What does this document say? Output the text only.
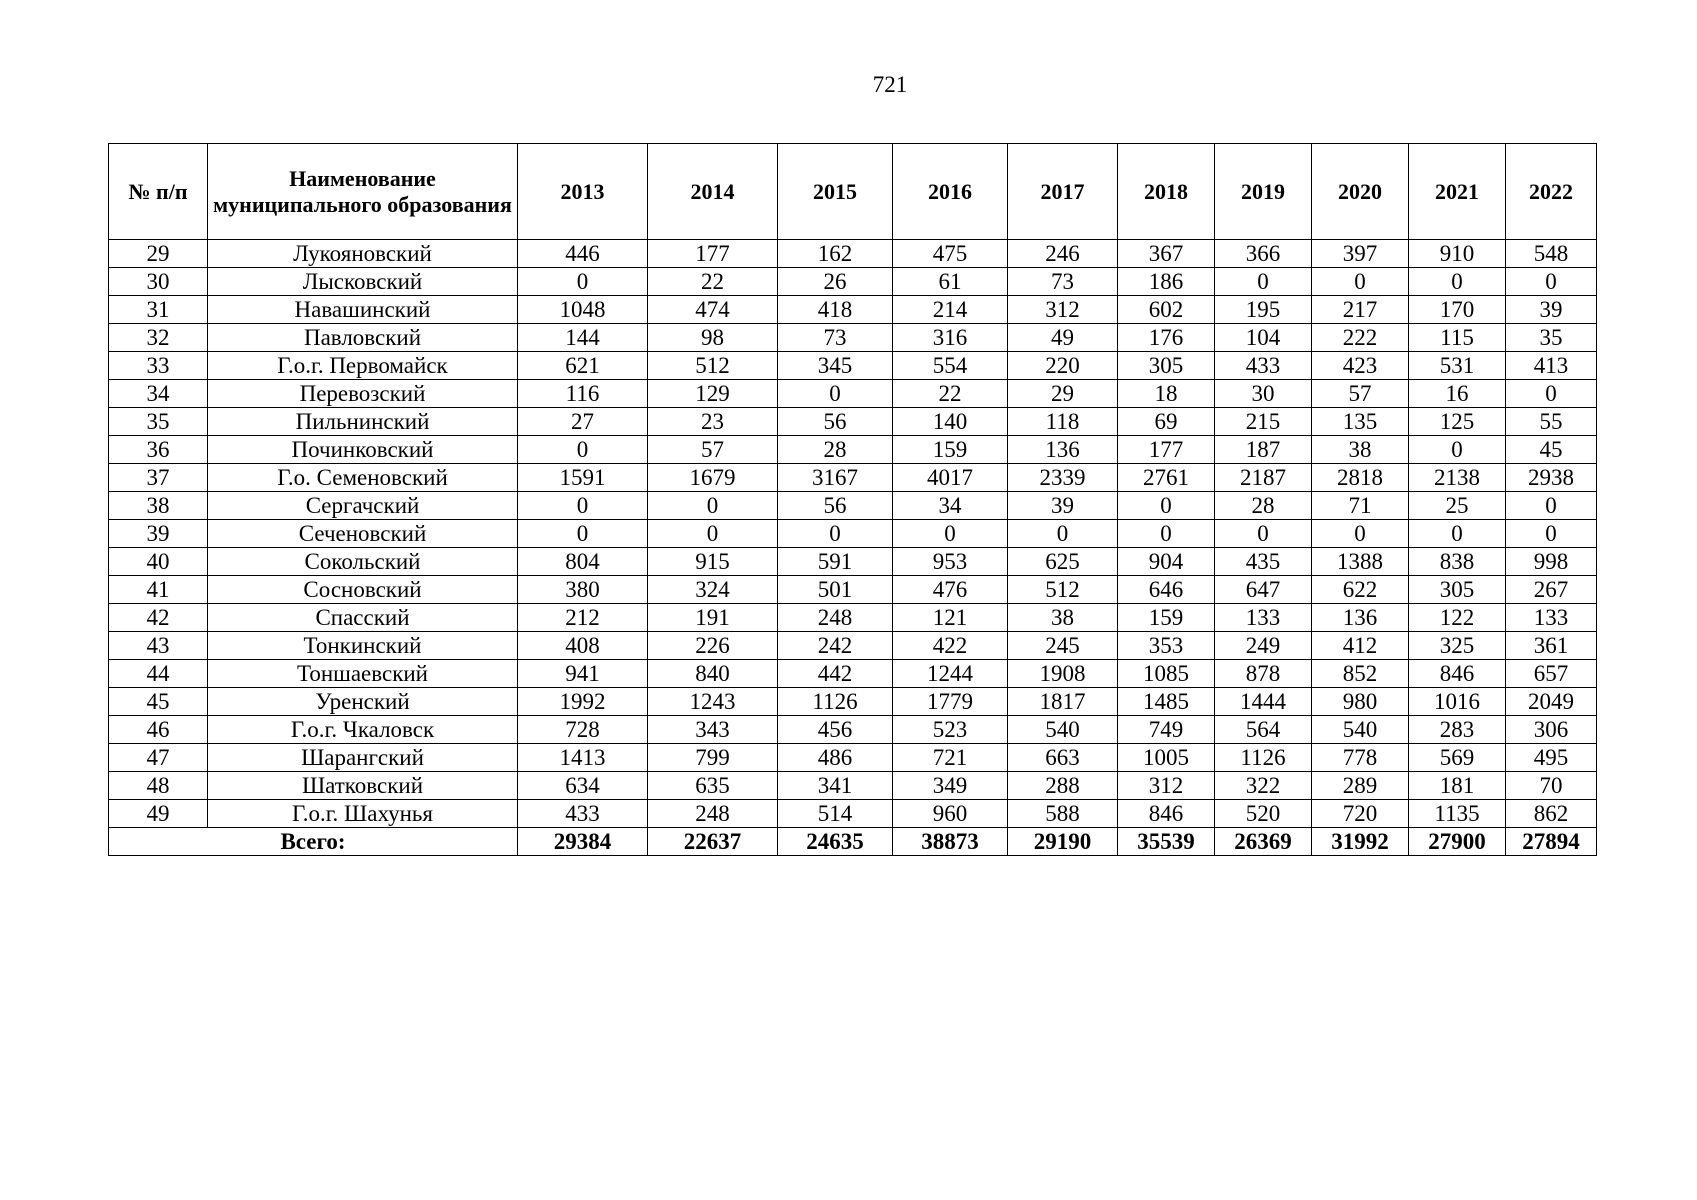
721
№ п/п	Наименование муниципального образования	2013	2014	2015	2016	2017	2018	2019	2020	2021	2022
29	Лукояновский	446	177	162	475	246	367	366	397	910	548
30	Лысковский	0	22	26	61	73	186	0	0	0	0
31	Навашинский	1048	474	418	214	312	602	195	217	170	39
32	Павловский	144	98	73	316	49	176	104	222	115	35
33	Г.о.г. Первомайск	621	512	345	554	220	305	433	423	531	413
34	Перевозский	116	129	0	22	29	18	30	57	16	0
35	Пильнинский	27	23	56	140	118	69	215	135	125	55
36	Починковский	0	57	28	159	136	177	187	38	0	45
37	Г.о. Семеновский	1591	1679	3167	4017	2339	2761	2187	2818	2138	2938
38	Сергачский	0	0	56	34	39	0	28	71	25	0
39	Сеченовский	0	0	0	0	0	0	0	0	0	0
40	Сокольский	804	915	591	953	625	904	435	1388	838	998
41	Сосновский	380	324	501	476	512	646	647	622	305	267
42	Спасский	212	191	248	121	38	159	133	136	122	133
43	Тонкинский	408	226	242	422	245	353	249	412	325	361
44	Тоншаевский	941	840	442	1244	1908	1085	878	852	846	657
45	Уренский	1992	1243	1126	1779	1817	1485	1444	980	1016	2049
46	Г.о.г. Чкаловск	728	343	456	523	540	749	564	540	283	306
47	Шарангский	1413	799	486	721	663	1005	1126	778	569	495
48	Шатковский	634	635	341	349	288	312	322	289	181	70
49	Г.о.г. Шахунья	433	248	514	960	588	846	520	720	1135	862
Всего:		29384	22637	24635	38873	29190	35539	26369	31992	27900	27894
